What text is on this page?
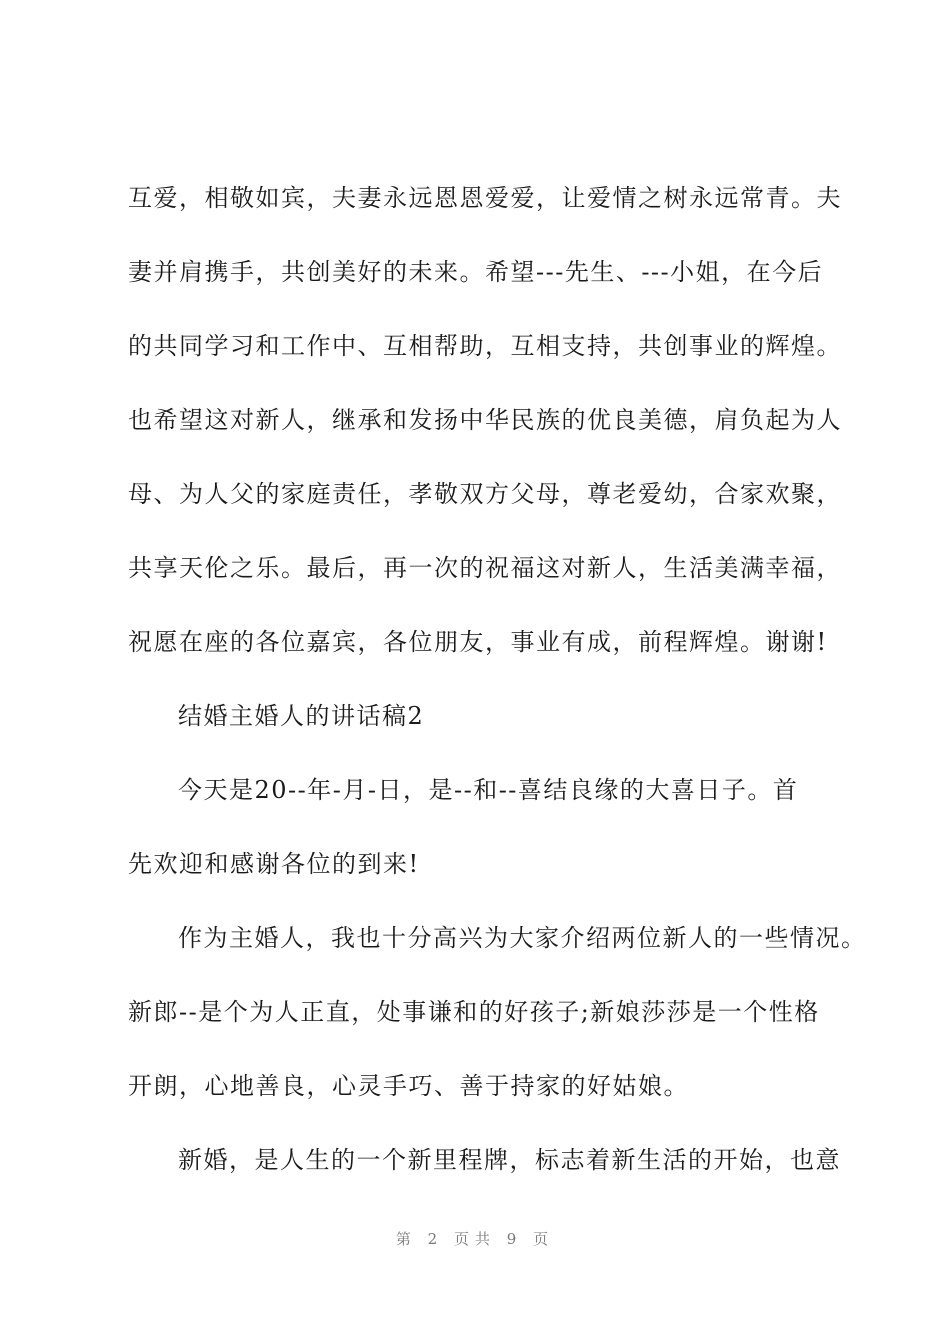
互爱，相敬如宾，夫妻永远恩恩爱爱，让爱情之树永远常青。夫
妻并肩携手，共创美好的未来。希望---先生、---小姐，在今后
的共同学习和工作中、互相帮助，互相支持，共创事业的辉煌。
也希望这对新人，继承和发扬中华民族的优良美德，肩负起为人
母、为人父的家庭责任，孝敬双方父母，尊老爱幼，合家欢聚，
共享天伦之乐。最后，再一次的祝福这对新人，生活美满幸福，
祝愿在座的各位嘉宾，各位朋友，事业有成，前程辉煌。谢谢!
结婚主婚人的讲话稿2
今天是20--年-月-日，是--和--喜结良缘的大喜日子。首
先欢迎和感谢各位的到来!
作为主婚人，我也十分高兴为大家介绍两位新人的一些情况。
新郎--是个为人正直，处事谦和的好孩子;新娘莎莎是一个性格
开朗，心地善良，心灵手巧、善于持家的好姑娘。
新婚，是人生的一个新里程牌，标志着新生活的开始，也意
第 2 页共 9 页
